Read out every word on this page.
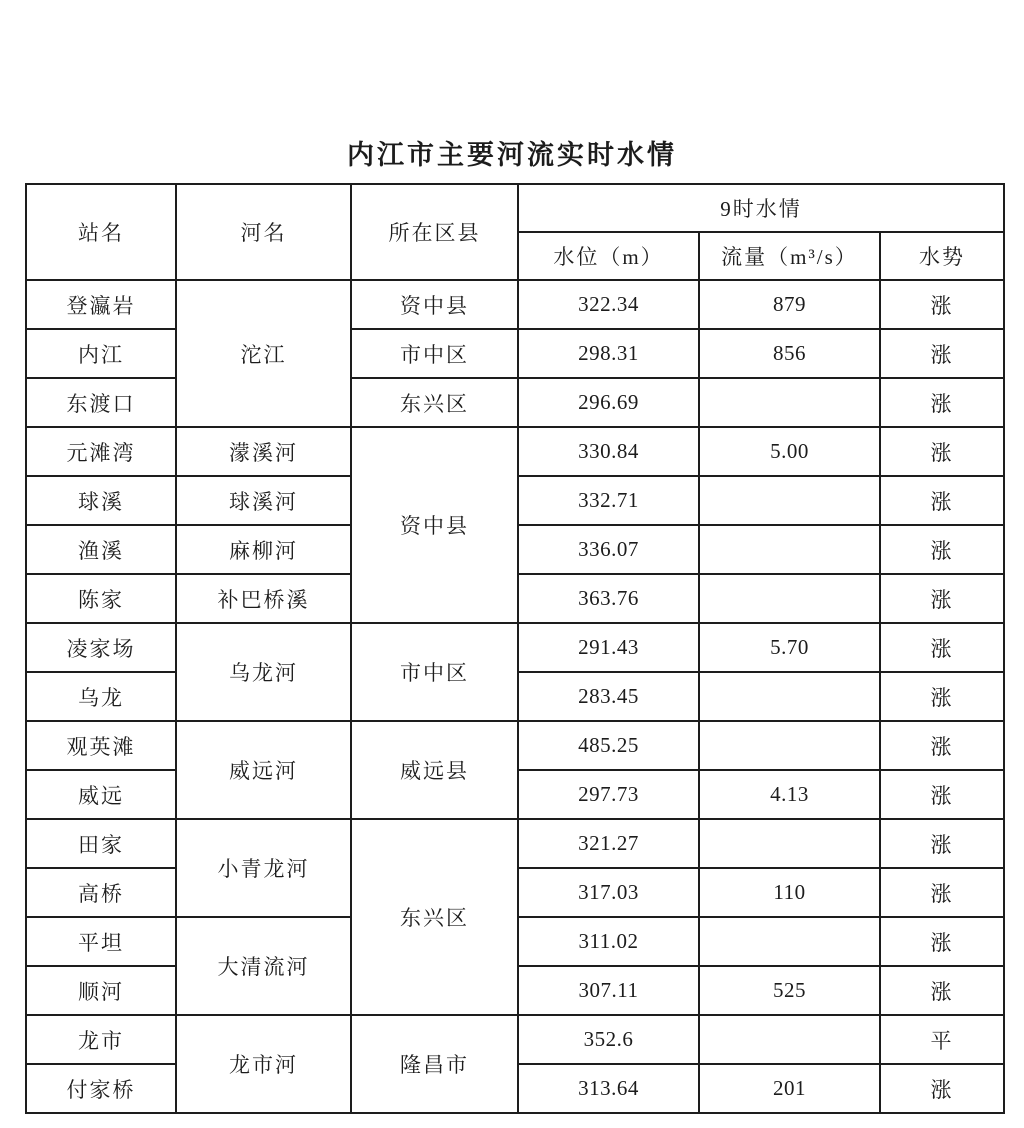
内江市主要河流实时水情
站名	河名	所在区县	9时水情		
			水位（m）	流量（m³/s）	水势
登瀛岩	沱江	资中县	322.34	879	涨
内江		市中区	298.31	856	涨
东渡口		东兴区	296.69		涨
元滩湾	濛溪河	资中县	330.84	5.00	涨
球溪	球溪河		332.71		涨
渔溪	麻柳河		336.07		涨
陈家	补巴桥溪		363.76		涨
凌家场	乌龙河	市中区	291.43	5.70	涨
乌龙			283.45		涨
观英滩	威远河	威远县	485.25		涨
威远			297.73	4.13	涨
田家	小青龙河	东兴区	321.27		涨
高桥			317.03	110	涨
平坦	大清流河		311.02		涨
顺河			307.11	525	涨
龙市	龙市河	隆昌市	352.6		平
付家桥			313.64	201	涨
